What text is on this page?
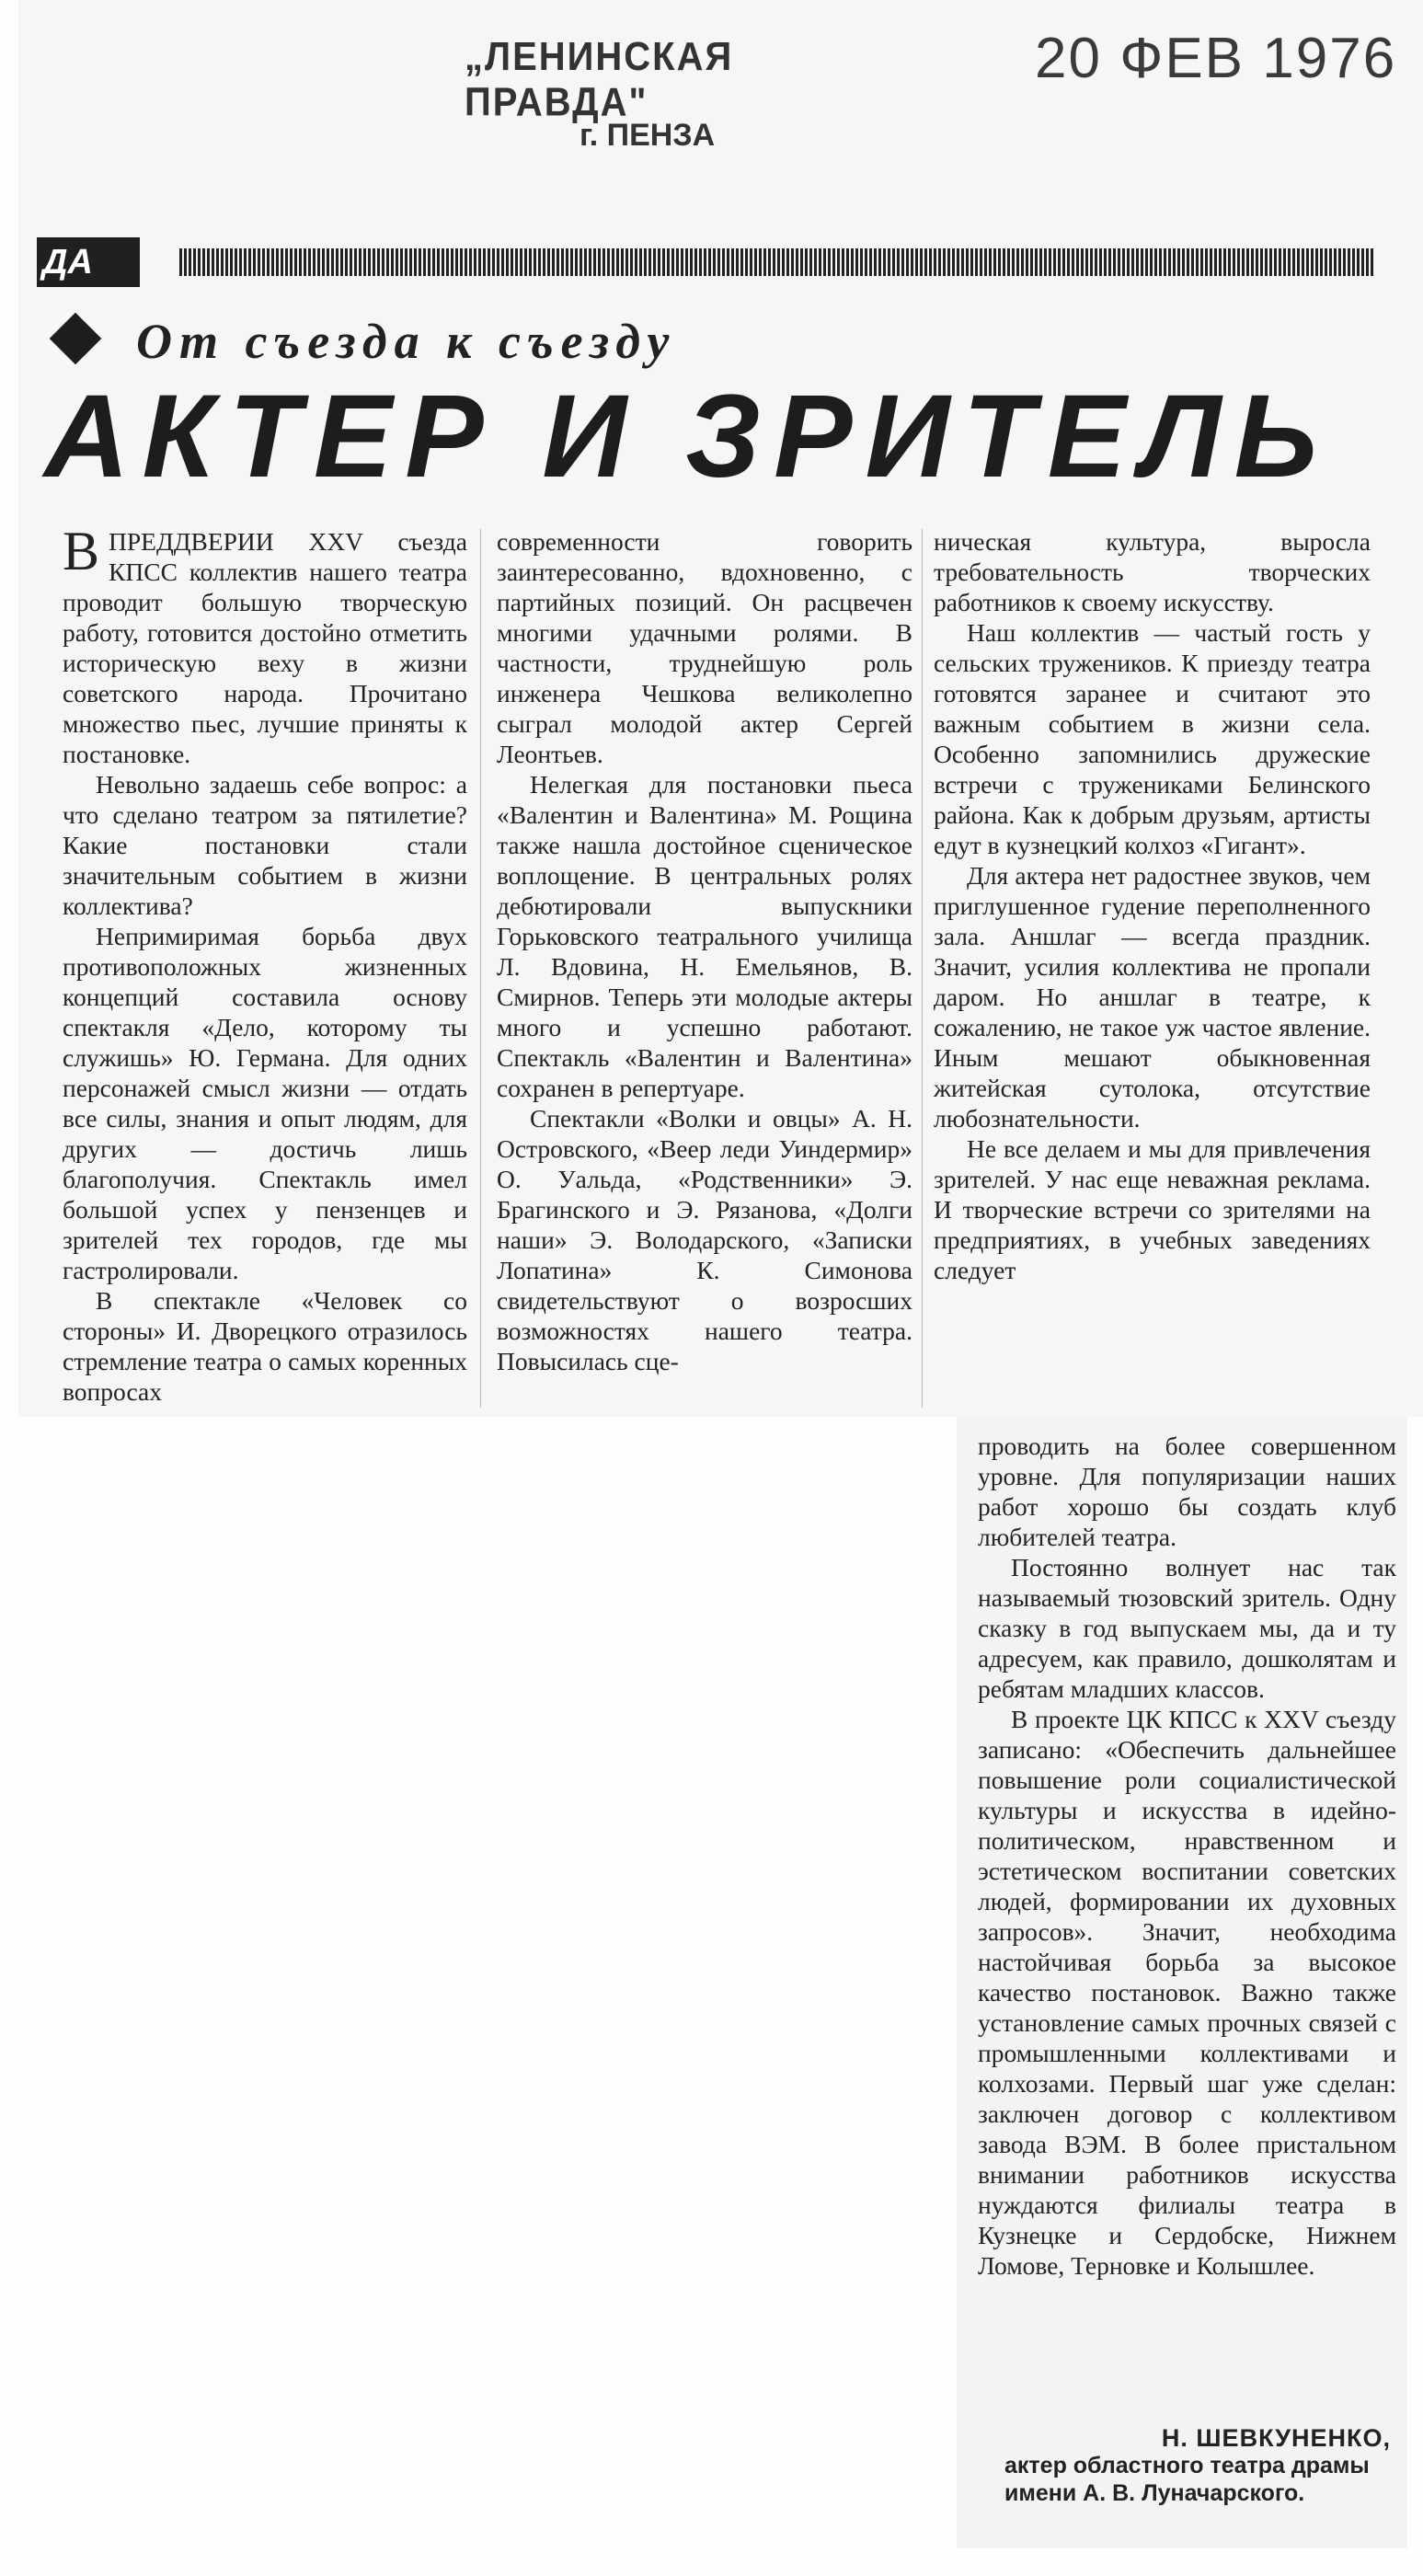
„ЛЕНИНСКАЯ ПРАВДА"
г. ПЕНЗА
20 ФЕВ 1976
ДА
От съезда к съезду
АКТЕР И ЗРИТЕЛЬ

ВПРЕДДВЕРИИ XXV съезда КПСС коллектив нашего театра проводит большую творческую работу, готовится достойно отметить историческую веху в жизни советского народа. Прочитано множество пьес, лучшие приняты к постановке.

Невольно задаешь себе вопрос: а что сделано театром за пятилетие? Какие постановки стали значительным событием в жизни коллектива?

Непримиримая борьба двух противоположных жизненных концепций составила основу спектакля «Дело, которому ты служишь» Ю. Германа. Для одних персонажей смысл жизни — отдать все силы, знания и опыт людям, для других — достичь лишь благополучия. Спектакль имел большой успех у пензенцев и зрителей тех городов, где мы гастролировали.

В спектакле «Человек со стороны» И. Дворецкого отразилось стремление театра о самых коренных вопросах

современности говорить заинтересованно, вдохновенно, с партийных позиций. Он расцвечен многими удачными ролями. В частности, труднейшую роль инженера Чешкова великолепно сыграл молодой актер Сергей Леонтьев.

Нелегкая для постановки пьеса «Валентин и Валентина» М. Рощина также нашла достойное сценическое воплощение. В центральных ролях дебютировали выпускники Горьковского театрального училища Л. Вдовина, Н. Емельянов, В. Смирнов. Теперь эти молодые актеры много и успешно работают. Спектакль «Валентин и Валентина» сохранен в репертуаре.

Спектакли «Волки и овцы» А. Н. Островского, «Веер леди Уиндермир» О. Уальда, «Родственники» Э. Брагинского и Э. Рязанова, «Долги наши» Э. Володарского, «Записки Лопатина» К. Симонова свидетельствуют о возросших возможностях нашего театра. Повысилась сце-

ническая культура, выросла требовательность творческих работников к своему искусству.

Наш коллектив — частый гость у сельских тружеников. К приезду театра готовятся заранее и считают это важным событием в жизни села. Особенно запомнились дружеские встречи с тружениками Белинского района. Как к добрым друзьям, артисты едут в кузнецкий колхоз «Гигант».

Для актера нет радостнее звуков, чем приглушенное гудение переполненного зала. Аншлаг — всегда праздник. Значит, усилия коллектива не пропали даром. Но аншлаг в театре, к сожалению, не такое уж частое явление. Иным мешают обыкновенная житейская сутолока, отсутствие любознательности.

Не все делаем и мы для привлечения зрителей. У нас еще неважная реклама. И творческие встречи со зрителями на предприятиях, в учебных заведениях следует

проводить на более совершенном уровне. Для популяризации наших работ хорошо бы создать клуб любителей театра.

Постоянно волнует нас так называемый тюзовский зритель. Одну сказку в год выпускаем мы, да и ту адресуем, как правило, дошколятам и ребятам младших классов.

В проекте ЦК КПСС к XXV съезду записано: «Обеспечить дальнейшее повышение роли социалистической культуры и искусства в идейно-политическом, нравственном и эстетическом воспитании советских людей, формировании их духовных запросов». Значит, необходима настойчивая борьба за высокое качество постановок. Важно также установление самых прочных связей с промышленными коллективами и колхозами. Первый шаг уже сделан: заключен договор с коллективом завода ВЭМ. В более пристальном внимании работников искусства нуждаются филиалы театра в Кузнецке и Сердобске, Нижнем Ломове, Терновке и Колышлее.

Н. ШЕВКУНЕНКО,
актер областного театра драмы имени А. В. Луначарского.
